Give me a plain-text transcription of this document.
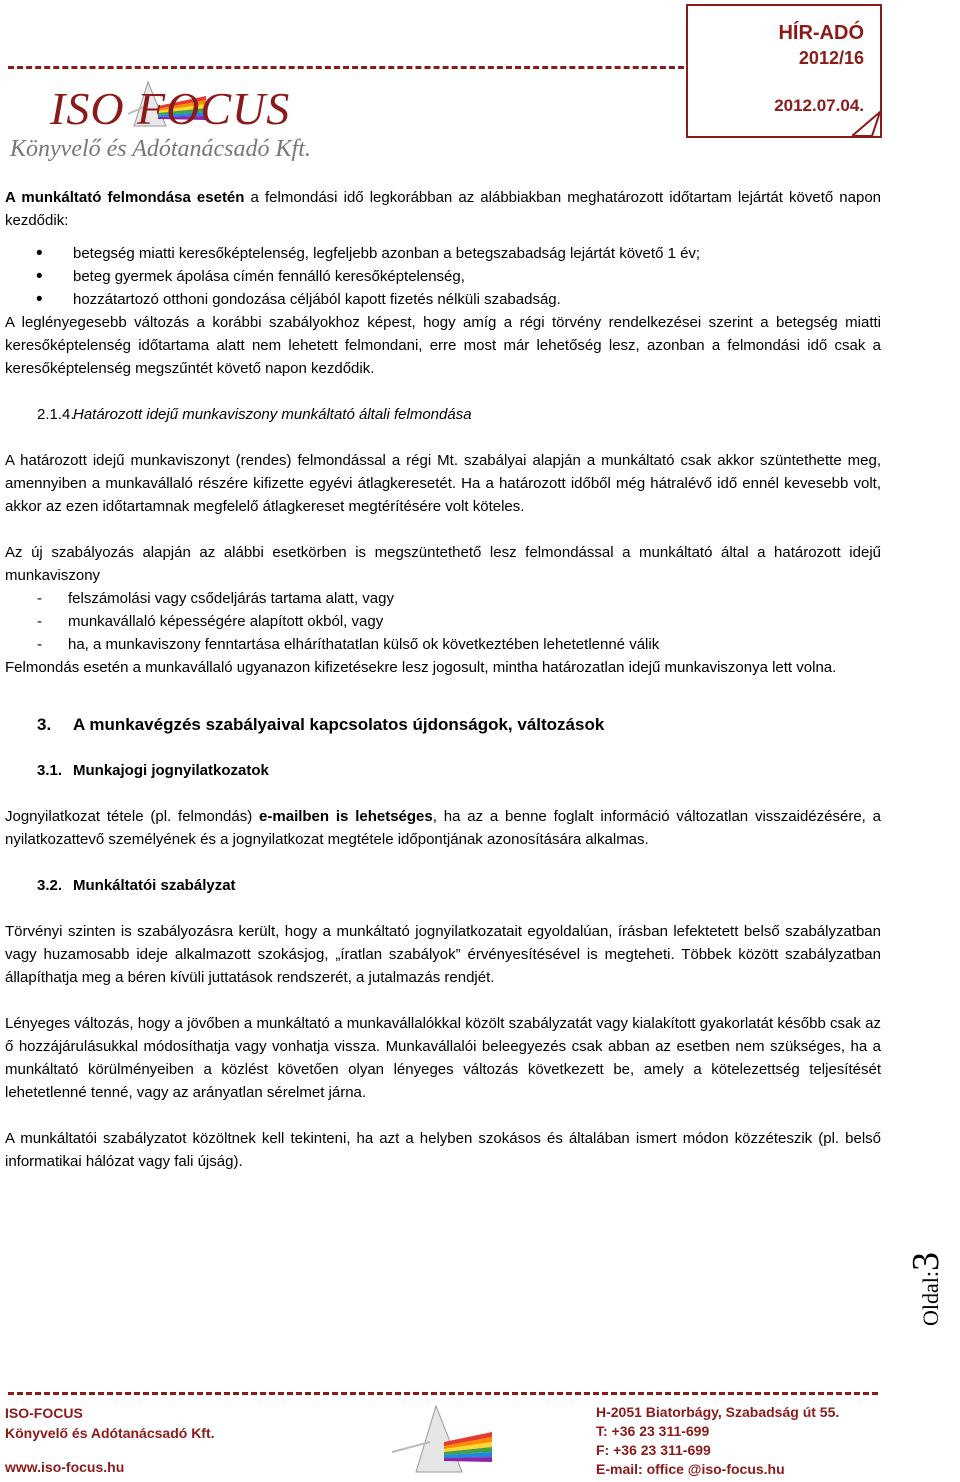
ISO FOCUS
Könyvelő és Adótanácsadó Kft.
HÍR-ADÓ
2012/16
2012.07.04.

A munkáltató felmondása esetén a felmondási idő legkorábban az alábbiakban meghatározott időtartam lejártát követő napon kezdődik:

• betegség miatti keresőképtelenség, legfeljebb azonban a betegszabadság lejártát követő 1 év;
• beteg gyermek ápolása címén fennálló keresőképtelenség,
• hozzátartozó otthoni gondozása céljából kapott fizetés nélküli szabadság.

A leglényegesebb változás a korábbi szabályokhoz képest, hogy amíg a régi törvény rendelkezései szerint a betegség miatti keresőképtelenség időtartama alatt nem lehetett felmondani, erre most már lehetőség lesz, azonban a felmondási idő csak a keresőképtelenség megszűntét követő napon kezdődik.

2.1.4.Határozott idejű munkaviszony munkáltató általi felmondása

A határozott idejű munkaviszonyt (rendes) felmondással a régi Mt. szabályai alapján a munkáltató csak akkor szüntethette meg, amennyiben a munkavállaló részére kifizette egyévi átlagkeresetét. Ha a határozott időből még hátralévő idő ennél kevesebb volt, akkor az ezen időtartamnak megfelelő átlagkereset megtérítésére volt köteles.

Az új szabályozás alapján az alábbi esetkörben is megszüntethető lesz felmondással a munkáltató által a határozott idejű munkaviszony

- felszámolási vagy csődeljárás tartama alatt, vagy
- munkavállaló képességére alapított okból, vagy
- ha, a munkaviszony fenntartása elháríthatatlan külső ok következtében lehetetlenné válik

Felmondás esetén a munkavállaló ugyanazon kifizetésekre lesz jogosult, mintha határozatlan idejű munkaviszonya lett volna.

3. A munkavégzés szabályaival kapcsolatos újdonságok, változások

3.1. Munkajogi jognyilatkozatok

Jognyilatkozat tétele (pl. felmondás) e-mailben is lehetséges, ha az a benne foglalt információ változatlan visszaidézésére, a nyilatkozattevő személyének és a jognyilatkozat megtétele időpontjának azonosítására alkalmas.

3.2. Munkáltatói szabályzat

Törvényi szinten is szabályozásra került, hogy a munkáltató jognyilatkozatait egyoldalúan, írásban lefektetett belső szabályzatban vagy huzamosabb ideje alkalmazott szokásjog, „íratlan szabályok” érvényesítésével is megteheti. Többek között szabályzatban állapíthatja meg a béren kívüli juttatások rendszerét, a jutalmazás rendjét.

Lényeges változás, hogy a jövőben a munkáltató a munkavállalókkal közölt szabályzatát vagy kialakított gyakorlatát később csak az ő hozzájárulásukkal módosíthatja vagy vonhatja vissza. Munkavállalói beleegyezés csak abban az esetben nem szükséges, ha a munkáltató körülményeiben a közlést követően olyan lényeges változás következett be, amely a kötelezettség teljesítését lehetetlenné tenné, vagy az arányatlan sérelmet járna.

A munkáltatói szabályzatot közöltnek kell tekinteni, ha azt a helyben szokásos és általában ismert módon közzéteszik (pl. belső informatikai hálózat vagy fali újság).

Oldal:3
ISO-FOCUS
Könyvelő és Adótanácsadó Kft.
www.iso-focus.hu
H-2051 Biatorbágy, Szabadság út 55.
T: +36 23 311-699
F: +36 23 311-699
E-mail: office @iso-focus.hu
